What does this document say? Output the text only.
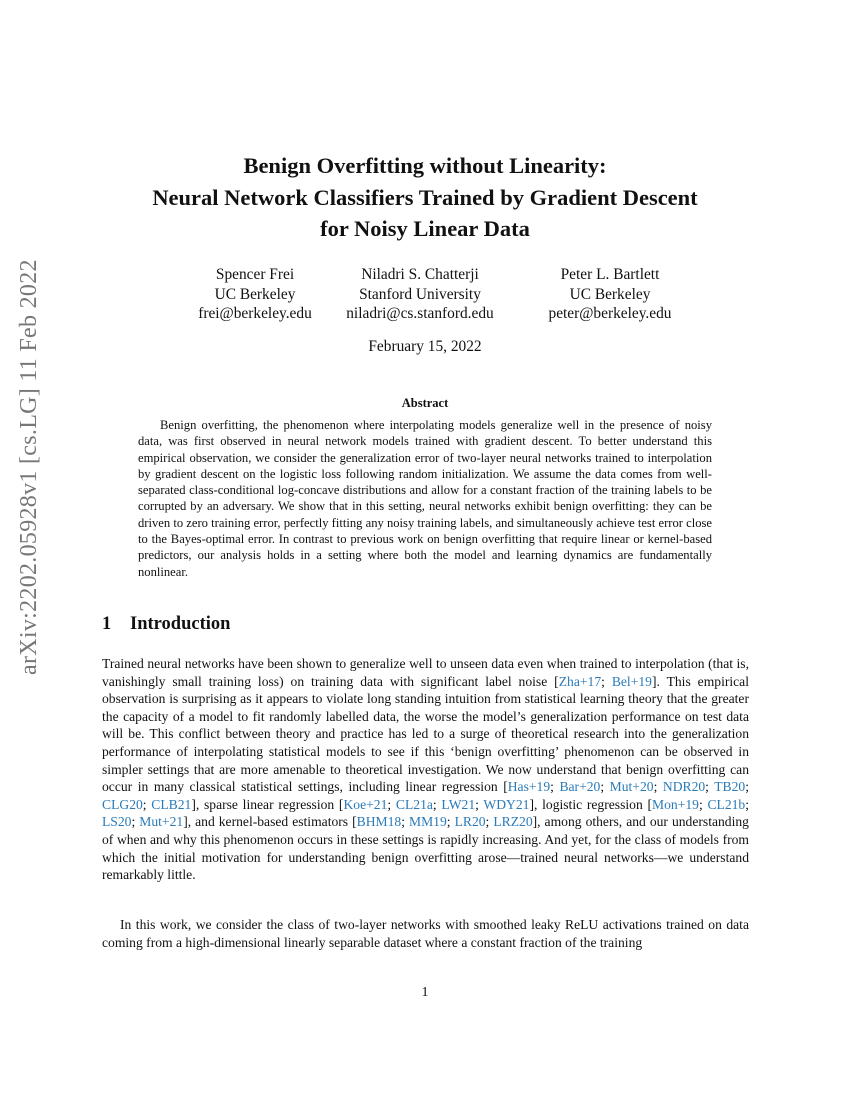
arXiv:2202.05928v1 [cs.LG] 11 Feb 2022
Benign Overfitting without Linearity:
Neural Network Classifiers Trained by Gradient Descent
for Noisy Linear Data
Spencer Frei
UC Berkeley
frei@berkeley.edu
Niladri S. Chatterji
Stanford University
niladri@cs.stanford.edu
Peter L. Bartlett
UC Berkeley
peter@berkeley.edu
February 15, 2022
Abstract

Benign overfitting, the phenomenon where interpolating models generalize well in the presence of noisy data, was first observed in neural network models trained with gradient descent. To better understand this empirical observation, we consider the generalization error of two-layer neural networks trained to interpolation by gradient descent on the logistic loss following random initialization. We assume the data comes from well-separated class-conditional log-concave distributions and allow for a constant fraction of the training labels to be corrupted by an adversary. We show that in this setting, neural networks exhibit benign overfitting: they can be driven to zero training error, perfectly fitting any noisy training labels, and simultaneously achieve test error close to the Bayes-optimal error. In contrast to previous work on benign overfitting that require linear or kernel-based predictors, our analysis holds in a setting where both the model and learning dynamics are fundamentally nonlinear.

1 Introduction

Trained neural networks have been shown to generalize well to unseen data even when trained to interpolation (that is, vanishingly small training loss) on training data with significant label noise [Zha+17; Bel+19]. This empirical observation is surprising as it appears to violate long standing intuition from statistical learning theory that the greater the capacity of a model to fit randomly labelled data, the worse the model’s generalization performance on test data will be. This conflict between theory and practice has led to a surge of theoretical research into the generalization performance of interpolating statistical models to see if this ‘benign overfitting’ phenomenon can be observed in simpler settings that are more amenable to theoretical investigation. We now understand that benign overfitting can occur in many classical statistical settings, including linear regression [Has+19; Bar+20; Mut+20; NDR20; TB20; CLG20; CLB21], sparse linear regression [Koe+21; CL21a; LW21; WDY21], logistic regression [Mon+19; CL21b; LS20; Mut+21], and kernel-based estimators [BHM18; MM19; LR20; LRZ20], among others, and our understanding of when and why this phenomenon occurs in these settings is rapidly increasing. And yet, for the class of models from which the initial motivation for understanding benign overfitting arose—trained neural networks—we understand remarkably little.

In this work, we consider the class of two-layer networks with smoothed leaky ReLU activations trained on data coming from a high-dimensional linearly separable dataset where a constant fraction of the training

1
